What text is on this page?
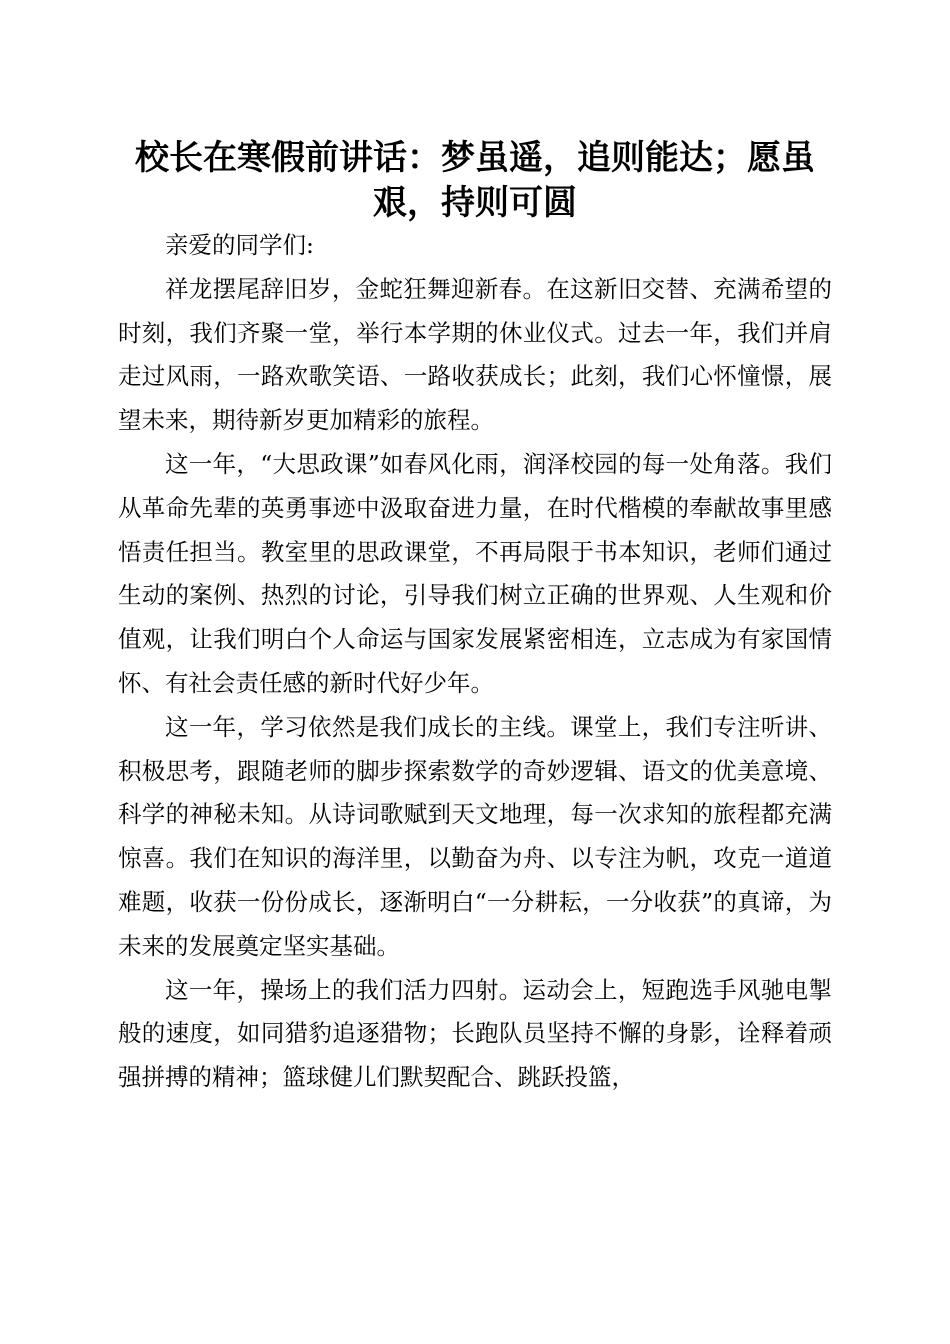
校长在寒假前讲话：梦虽遥，追则能达；愿虽艰，持则可圆

亲爱的同学们:

祥龙摆尾辞旧岁，金蛇狂舞迎新春。在这新旧交替、充满希望的时刻，我们齐聚一堂，举行本学期的休业仪式。过去一年，我们并肩走过风雨，一路欢歌笑语、一路收获成长；此刻，我们心怀憧憬，展望未来，期待新岁更加精彩的旅程。

这一年，“大思政课”如春风化雨，润泽校园的每一处角落。我们从革命先辈的英勇事迹中汲取奋进力量，在时代楷模的奉献故事里感悟责任担当。教室里的思政课堂，不再局限于书本知识，老师们通过生动的案例、热烈的讨论，引导我们树立正确的世界观、人生观和价值观，让我们明白个人命运与国家发展紧密相连，立志成为有家国情怀、有社会责任感的新时代好少年。

这一年，学习依然是我们成长的主线。课堂上，我们专注听讲、积极思考，跟随老师的脚步探索数学的奇妙逻辑、语文的优美意境、科学的神秘未知。从诗词歌赋到天文地理，每一次求知的旅程都充满惊喜。我们在知识的海洋里，以勤奋为舟、以专注为帆，攻克一道道难题，收获一份份成长，逐渐明白“一分耕耘，一分收获”的真谛，为未来的发展奠定坚实基础。

这一年，操场上的我们活力四射。运动会上，短跑选手风驰电掣般的速度，如同猎豹追逐猎物；长跑队员坚持不懈的身影，诠释着顽强拼搏的精神；篮球健儿们默契配合、跳跃投篮，
